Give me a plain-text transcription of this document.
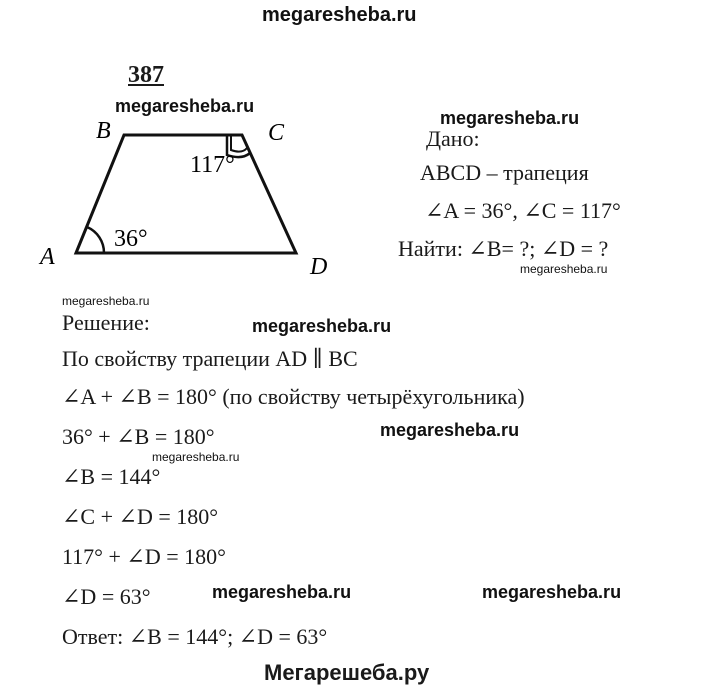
megaresheba.ru
387
megaresheba.ru
A
B	C
D
36°
117°
megaresheba.ru
Дано:
ABCD – трапеция
∠A = 36°, ∠C = 117°
Найти: ∠B= ?; ∠D = ?
megaresheba.ru
megaresheba.ru
Решение:	megaresheba.ru
По свойству трапеции AD ∥ BC
∠A + ∠B = 180° (по свойству четырёхугольника)
36° + ∠B = 180°
megaresheba.ru
megaresheba.ru
∠B = 144°
∠C + ∠D = 180°
117° + ∠D = 180°
∠D = 63°	megaresheba.ru	megaresheba.ru
Ответ: ∠B = 144°; ∠D = 63°
Мегарешеба.ру
